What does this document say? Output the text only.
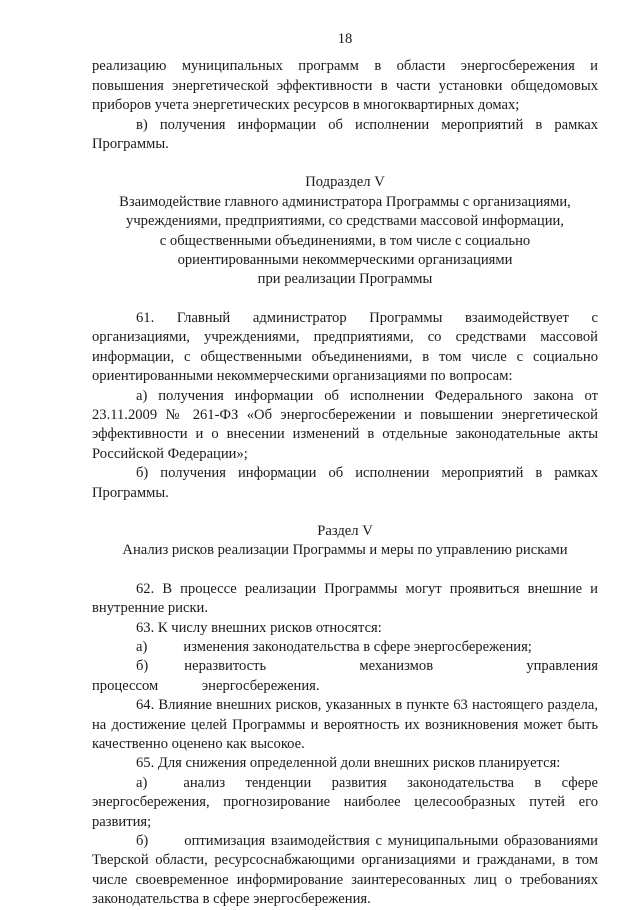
18

реализацию муниципальных программ в области энергосбережения и повышения энергетической эффективности в части установки общедомовых приборов учета энергетических ресурсов в многоквартирных домах;

в) получения информации об исполнении мероприятий в рамках Программы.

Подраздел V
Взаимодействие главного администратора Программы с организациями,
учреждениями, предприятиями, со средствами массовой информации,
с общественными объединениями, в том числе с социально
ориентированными некоммерческими организациями
при реализации Программы

61. Главный администратор Программы взаимодействует с организациями, учреждениями, предприятиями, со средствами массовой информации, с общественными объединениями, в том числе с социально ориентированными некоммерческими организациями по вопросам:

а) получения информации об исполнении Федерального закона от 23.11.2009 № 261-ФЗ «Об энергосбережении и повышении энергетической эффективности и о внесении изменений в отдельные законодательные акты Российской Федерации»;

б) получения информации об исполнении мероприятий в рамках Программы.

Раздел V
Анализ рисков реализации Программы и меры по управлению рисками

62. В процессе реализации Программы могут проявиться внешние и внутренние риски.

63. К числу внешних рисков относятся:

а) изменения законодательства в сфере энергосбережения;

б) неразвитость механизмов управления процессом энергосбережения.

64. Влияние внешних рисков, указанных в пункте 63 настоящего раздела, на достижение целей Программы и вероятность их возникновения может быть качественно оценено как высокое.

65. Для снижения определенной доли внешних рисков планируется:

а) анализ тенденции развития законодательства в сфере энергосбережения, прогнозирование наиболее целесообразных путей его развития;

б) оптимизация взаимодействия с муниципальными образованиями Тверской области, ресурсоснабжающими организациями и гражданами, в том числе своевременное информирование заинтересованных лиц о требованиях законодательства в сфере энергосбережения.
